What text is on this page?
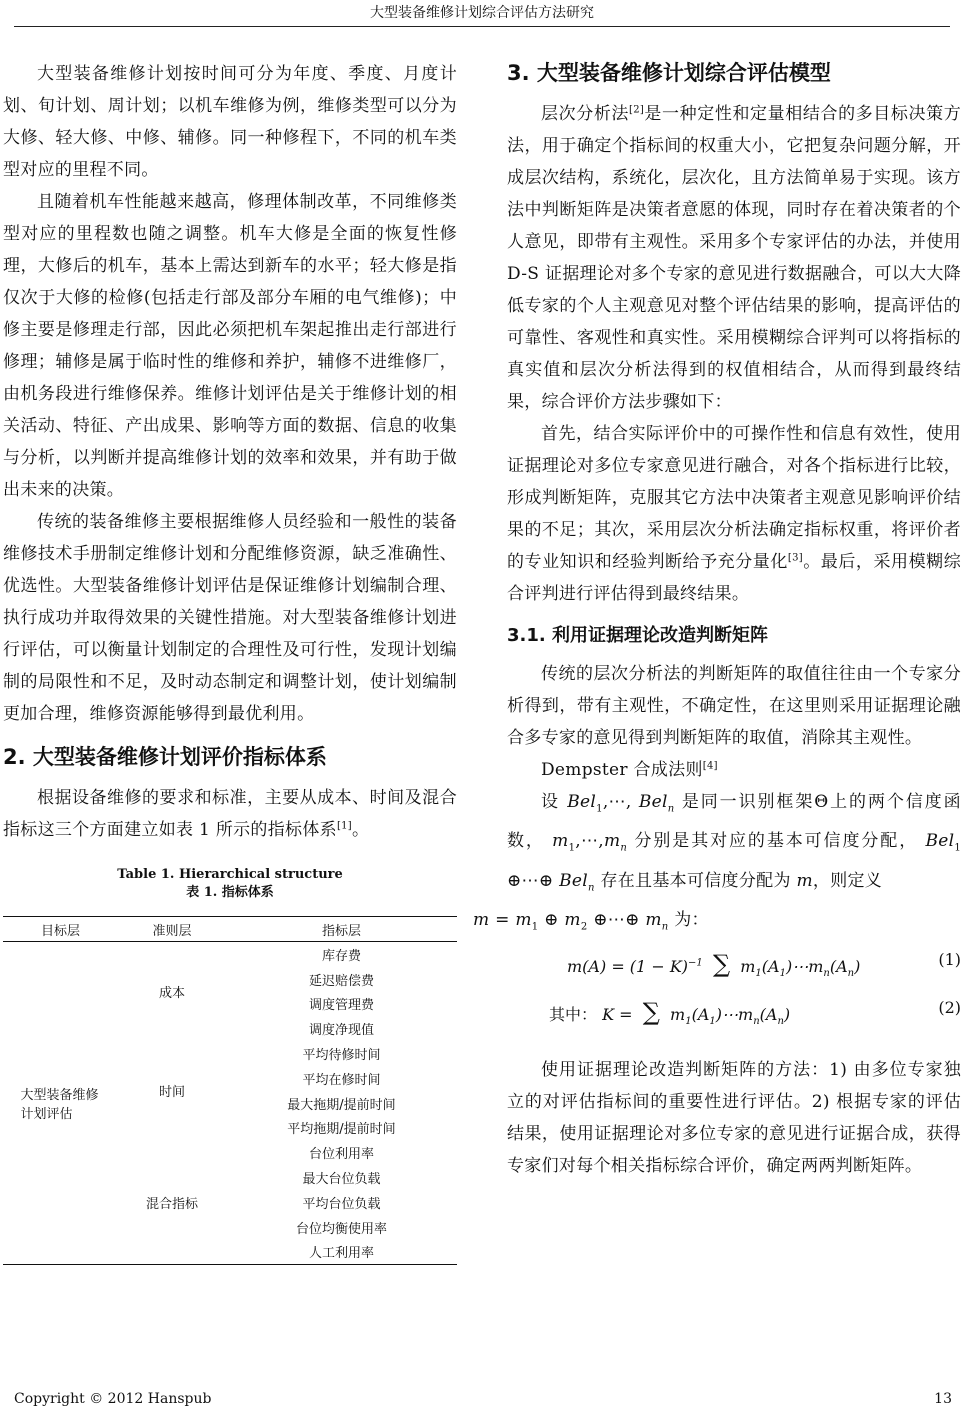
大型装备维修计划综合评估方法研究

大型装备维修计划按时间可分为年度、季度、月度计划、旬计划、周计划；以机车维修为例，维修类型可以分为大修、轻大修、中修、辅修。同一种修程下，不同的机车类型对应的里程不同。

且随着机车性能越来越高，修理体制改革，不同维修类型对应的里程数也随之调整。机车大修是全面的恢复性修理，大修后的机车，基本上需达到新车的水平；轻大修是指仅次于大修的检修(包括走行部及部分车厢的电气维修)；中修主要是修理走行部，因此必须把机车架起推出走行部进行修理；辅修是属于临时性的维修和养护，辅修不进维修厂，由机务段进行维修保养。维修计划评估是关于维修计划的相关活动、特征、产出成果、影响等方面的数据、信息的收集与分析，以判断并提高维修计划的效率和效果，并有助于做出未来的决策。

传统的装备维修主要根据维修人员经验和一般性的装备维修技术手册制定维修计划和分配维修资源，缺乏准确性、优选性。大型装备维修计划评估是保证维修计划编制合理、执行成功并取得效果的关键性措施。对大型装备维修计划进行评估，可以衡量计划制定的合理性及可行性，发现计划编制的局限性和不足，及时动态制定和调整计划，使计划编制更加合理，维修资源能够得到最优利用。

2. 大型装备维修计划评价指标体系

根据设备维修的要求和标准，主要从成本、时间及混合指标这三个方面建立如表 1 所示的指标体系[1]。

Table 1. Hierarchical structure
表 1. 指标体系
目标层	准则层	指标层
大型装备维修计划评估	成本	库存费
		延迟赔偿费
		调度管理费
		调度净现值
	时间	平均待修时间
		平均在修时间
		最大拖期/提前时间
		平均拖期/提前时间
	混合指标	台位利用率
		最大台位负载
		平均台位负载
		台位均衡使用率
		人工利用率
3. 大型装备维修计划综合评估模型

层次分析法[2]是一种定性和定量相结合的多目标决策方法，用于确定个指标间的权重大小，它把复杂问题分解，开成层次结构，系统化，层次化，且方法简单易于实现。该方法中判断矩阵是决策者意愿的体现，同时存在着决策者的个人意见，即带有主观性。采用多个专家评估的办法，并使用 D-S 证据理论对多个专家的意见进行数据融合，可以大大降低专家的个人主观意见对整个评估结果的影响，提高评估的可靠性、客观性和真实性。采用模糊综合评判可以将指标的真实值和层次分析法得到的权值相结合，从而得到最终结果，综合评价方法步骤如下：

首先，结合实际评价中的可操作性和信息有效性，使用证据理论对多位专家意见进行融合，对各个指标进行比较，形成判断矩阵，克服其它方法中决策者主观意见影响评价结果的不足；其次，采用层次分析法确定指标权重，将评价者的专业知识和经验判断给予充分量化[3]。最后，采用模糊综合评判进行评估得到最终结果。

3.1. 利用证据理论改造判断矩阵

传统的层次分析法的判断矩阵的取值往往由一个专家分析得到，带有主观性，不确定性，在这里则采用证据理论融合多专家的意见得到判断矩阵的取值，消除其主观性。

Dempster 合成法则[4]

设 Bel$_1$,⋯, Bel$_n$ 是同一识别框架Θ上的两个信度函数， $m_1,\cdots,m_n$ 分别是其对应的基本可信度分配， Bel$_1$ ⊕⋯⊕ Bel$_n$ 存在且基本可信度分配为 m，则定义
$m = m_1$ ⊕ $m_2$ ⊕⋯⊕ $m_n$ 为：

$m(A) = (1 - K)^{-1}$ ∑ $m_1(A_1)\cdots m_n(A_n)$	(1)
其中： K =  ∑ $m_1(A_1)\cdots m_n(A_n)$	(2)

使用证据理论改造判断矩阵的方法：1) 由多位专家独立的对评估指标间的重要性进行评估。2) 根据专家的评估结果，使用证据理论对多位专家的意见进行证据合成，获得专家们对每个相关指标综合评价，确定两两判断矩阵。

Copyright © 2012 Hanspub	13
